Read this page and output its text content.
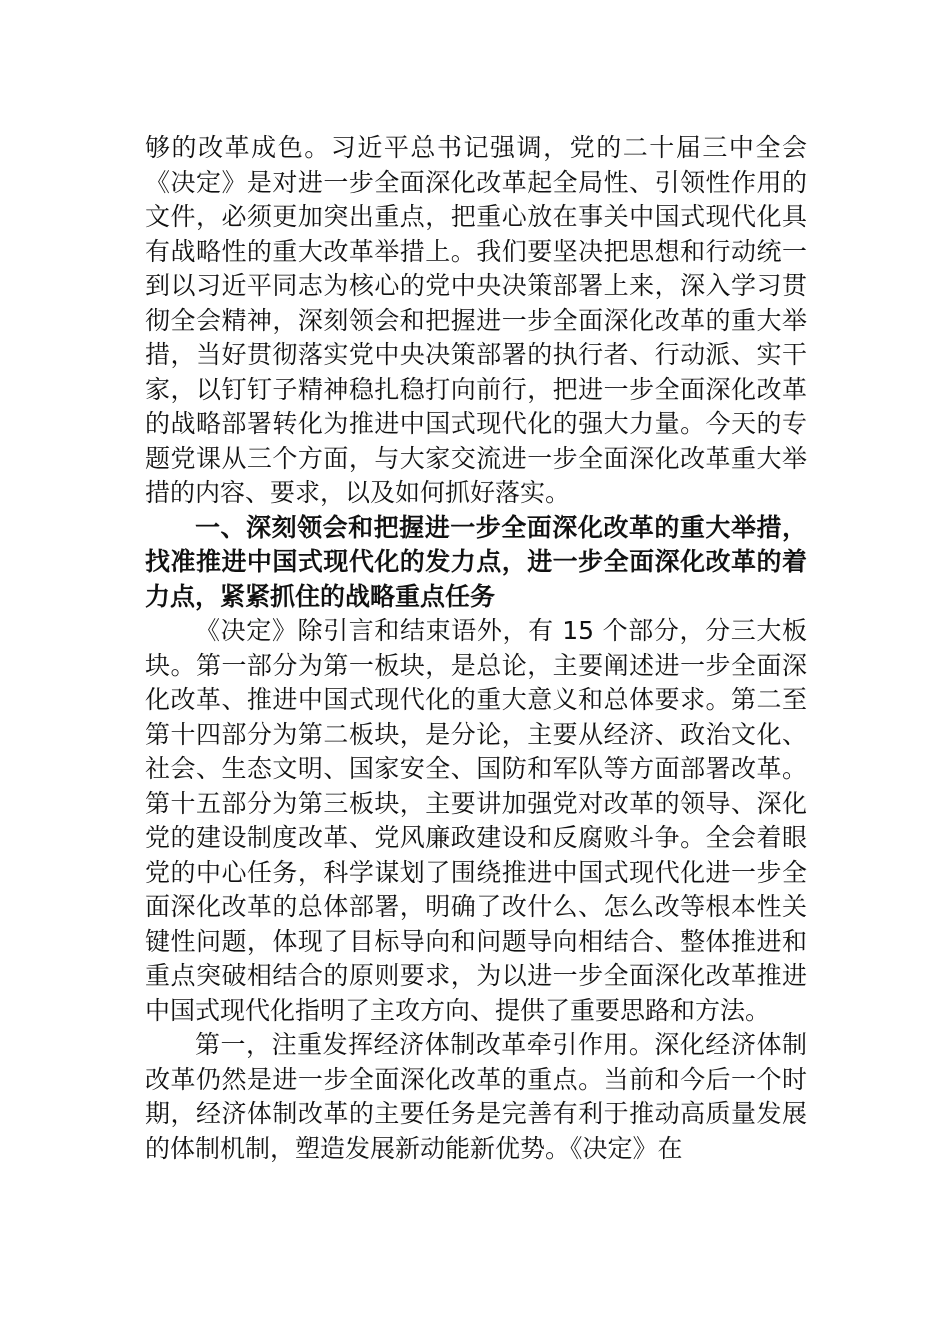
够的改革成色。习近平总书记强调，党的二十届三中全会《决定》是对进一步全面深化改革起全局性、引领性作用的文件，必须更加突出重点，把重心放在事关中国式现代化具有战略性的重大改革举措上。我们要坚决把思想和行动统一到以习近平同志为核心的党中央决策部署上来，深入学习贯彻全会精神，深刻领会和把握进一步全面深化改革的重大举措，当好贯彻落实党中央决策部署的执行者、行动派、实干家，以钉钉子精神稳扎稳打向前行，把进一步全面深化改革的战略部署转化为推进中国式现代化的强大力量。今天的专题党课从三个方面，与大家交流进一步全面深化改革重大举措的内容、要求，以及如何抓好落实。

一、深刻领会和把握进一步全面深化改革的重大举措，找准推进中国式现代化的发力点，进一步全面深化改革的着力点，紧紧抓住的战略重点任务

《决定》除引言和结束语外，有 15 个部分，分三大板块。第一部分为第一板块，是总论，主要阐述进一步全面深化改革、推进中国式现代化的重大意义和总体要求。第二至第十四部分为第二板块，是分论，主要从经济、政治文化、社会、生态文明、国家安全、国防和军队等方面部署改革。第十五部分为第三板块，主要讲加强党对改革的领导、深化党的建设制度改革、党风廉政建设和反腐败斗争。全会着眼党的中心任务，科学谋划了围绕推进中国式现代化进一步全面深化改革的总体部署，明确了改什么、怎么改等根本性关键性问题，体现了目标导向和问题导向相结合、整体推进和重点突破相结合的原则要求，为以进一步全面深化改革推进中国式现代化指明了主攻方向、提供了重要思路和方法。

第一，注重发挥经济体制改革牵引作用。深化经济体制改革仍然是进一步全面深化改革的重点。当前和今后一个时期，经济体制改革的主要任务是完善有利于推动高质量发展的体制机制，塑造发展新动能新优势。《决定》在
